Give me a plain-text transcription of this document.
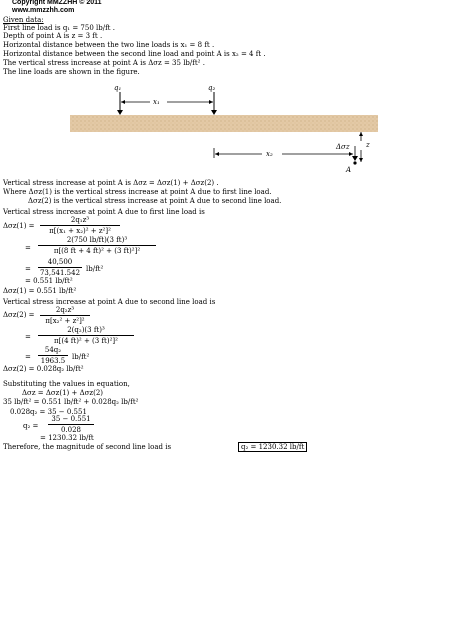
Copyright MMZZHH © 2011
www.mmzzhh.com
Given data:
First line load is q₁ = 750 lb/ft .
Depth of point A is z = 3 ft .
Horizontal distance between the two line loads is x₁ = 8 ft .
Horizontal distance between the second line load and point A is x₂ = 4 ft .
The vertical stress increase at point A is Δσz = 35 lb/ft² .
The line loads are shown in the figure.
q₁	q₂
x₁
x₂
Δσz z
A
Vertical stress increase at point A is Δσz = Δσz(1) + Δσz(2) .
Where Δσz(1) is the vertical stress increase at point A due to first line load.
Δσz(2) is the vertical stress increase at point A due to second line load.
Vertical stress increase at point A due to first line load is
Δσz(1) =
2q₁z³
π[(x₁ + x₂)² + z²]²
=
2(750 lb/ft)(3 ft)³
π[(8 ft + 4 ft)² + (3 ft)²]²
=
40,500
73,541.542 lb/ft²
= 0.551 lb/ft²
Δσz(1) = 0.551 lb/ft²
Vertical stress increase at point A due to second line load is
Δσz(2) =
2q₂z³
π[x₂² + z²]²
=
2(q₂)(3 ft)³
π[(4 ft)² + (3 ft)²]²
=
54q₂
1963.5 lb/ft²
Δσz(2) = 0.028q₂ lb/ft²
Substituting the values in equation,
Δσz = Δσz(1) + Δσz(2)
35 lb/ft² = 0.551 lb/ft² + 0.028q₂ lb/ft²
0.028q₂ = 35 − 0.551
q₂ =
35 − 0.551
0.028
= 1230.32 lb/ft
Therefore, the magnitude of second line load is	q₂ = 1230.32 lb/ft
